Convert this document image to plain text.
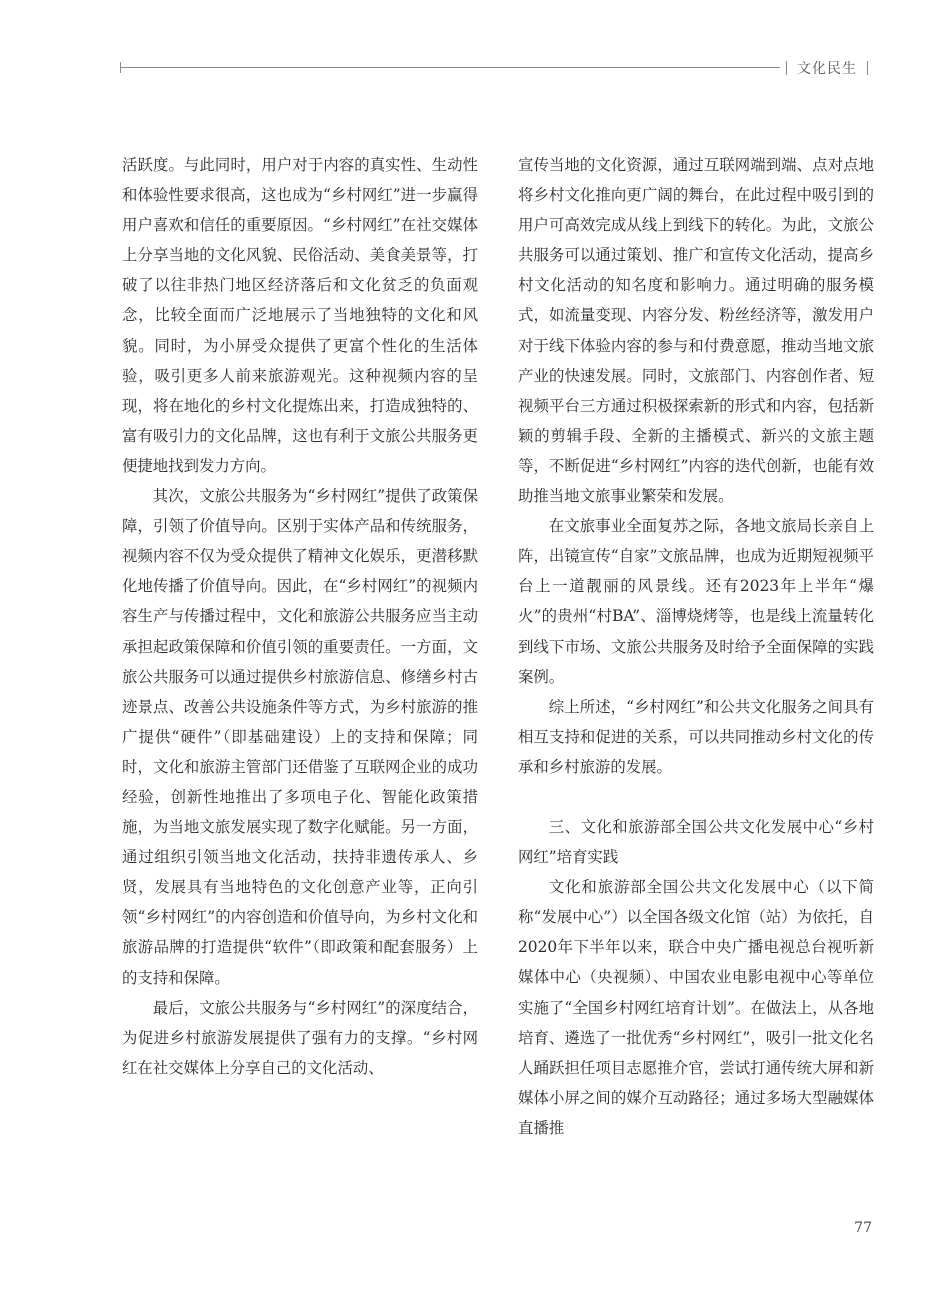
文化民生

活跃度。与此同时，用户对于内容的真实性、生动性和体验性要求很高，这也成为“乡村网红”进一步赢得用户喜欢和信任的重要原因。“乡村网红”在社交媒体上分享当地的文化风貌、民俗活动、美食美景等，打破了以往非热门地区经济落后和文化贫乏的负面观念，比较全面而广泛地展示了当地独特的文化和风貌。同时，为小屏受众提供了更富个性化的生活体验，吸引更多人前来旅游观光。这种视频内容的呈现，将在地化的乡村文化提炼出来，打造成独特的、富有吸引力的文化品牌，这也有利于文旅公共服务更便捷地找到发力方向。

其次，文旅公共服务为“乡村网红”提供了政策保障，引领了价值导向。区别于实体产品和传统服务，视频内容不仅为受众提供了精神文化娱乐，更潜移默化地传播了价值导向。因此，在“乡村网红”的视频内容生产与传播过程中，文化和旅游公共服务应当主动承担起政策保障和价值引领的重要责任。一方面，文旅公共服务可以通过提供乡村旅游信息、修缮乡村古迹景点、改善公共设施条件等方式，为乡村旅游的推广提供“硬件”（即基础建设）上的支持和保障；同时，文化和旅游主管部门还借鉴了互联网企业的成功经验，创新性地推出了多项电子化、智能化政策措施，为当地文旅发展实现了数字化赋能。另一方面，通过组织引领当地文化活动，扶持非遗传承人、乡贤，发展具有当地特色的文化创意产业等，正向引领“乡村网红”的内容创造和价值导向，为乡村文化和旅游品牌的打造提供“软件”（即政策和配套服务）上的支持和保障。

最后，文旅公共服务与“乡村网红”的深度结合，为促进乡村旅游发展提供了强有力的支撑。“乡村网红在社交媒体上分享自己的文化活动、

宣传当地的文化资源，通过互联网端到端、点对点地将乡村文化推向更广阔的舞台，在此过程中吸引到的用户可高效完成从线上到线下的转化。为此，文旅公共服务可以通过策划、推广和宣传文化活动，提高乡村文化活动的知名度和影响力。通过明确的服务模式，如流量变现、内容分发、粉丝经济等，激发用户对于线下体验内容的参与和付费意愿，推动当地文旅产业的快速发展。同时，文旅部门、内容创作者、短视频平台三方通过积极探索新的形式和内容，包括新颖的剪辑手段、全新的主播模式、新兴的文旅主题等，不断促进“乡村网红”内容的迭代创新，也能有效助推当地文旅事业繁荣和发展。

在文旅事业全面复苏之际，各地文旅局长亲自上阵，出镜宣传“自家”文旅品牌，也成为近期短视频平台上一道靓丽的风景线。还有2023年上半年“爆火”的贵州“村BA”、淄博烧烤等，也是线上流量转化到线下市场、文旅公共服务及时给予全面保障的实践案例。

综上所述，“乡村网红”和公共文化服务之间具有相互支持和促进的关系，可以共同推动乡村文化的传承和乡村旅游的发展。

三、文化和旅游部全国公共文化发展中心“乡村网红”培育实践

文化和旅游部全国公共文化发展中心（以下简称“发展中心”）以全国各级文化馆（站）为依托，自2020年下半年以来，联合中央广播电视总台视听新媒体中心（央视频）、中国农业电影电视中心等单位实施了“全国乡村网红培育计划”。在做法上，从各地培育、遴选了一批优秀“乡村网红”，吸引一批文化名人踊跃担任项目志愿推介官，尝试打通传统大屏和新媒体小屏之间的媒介互动路径；通过多场大型融媒体直播推

77
